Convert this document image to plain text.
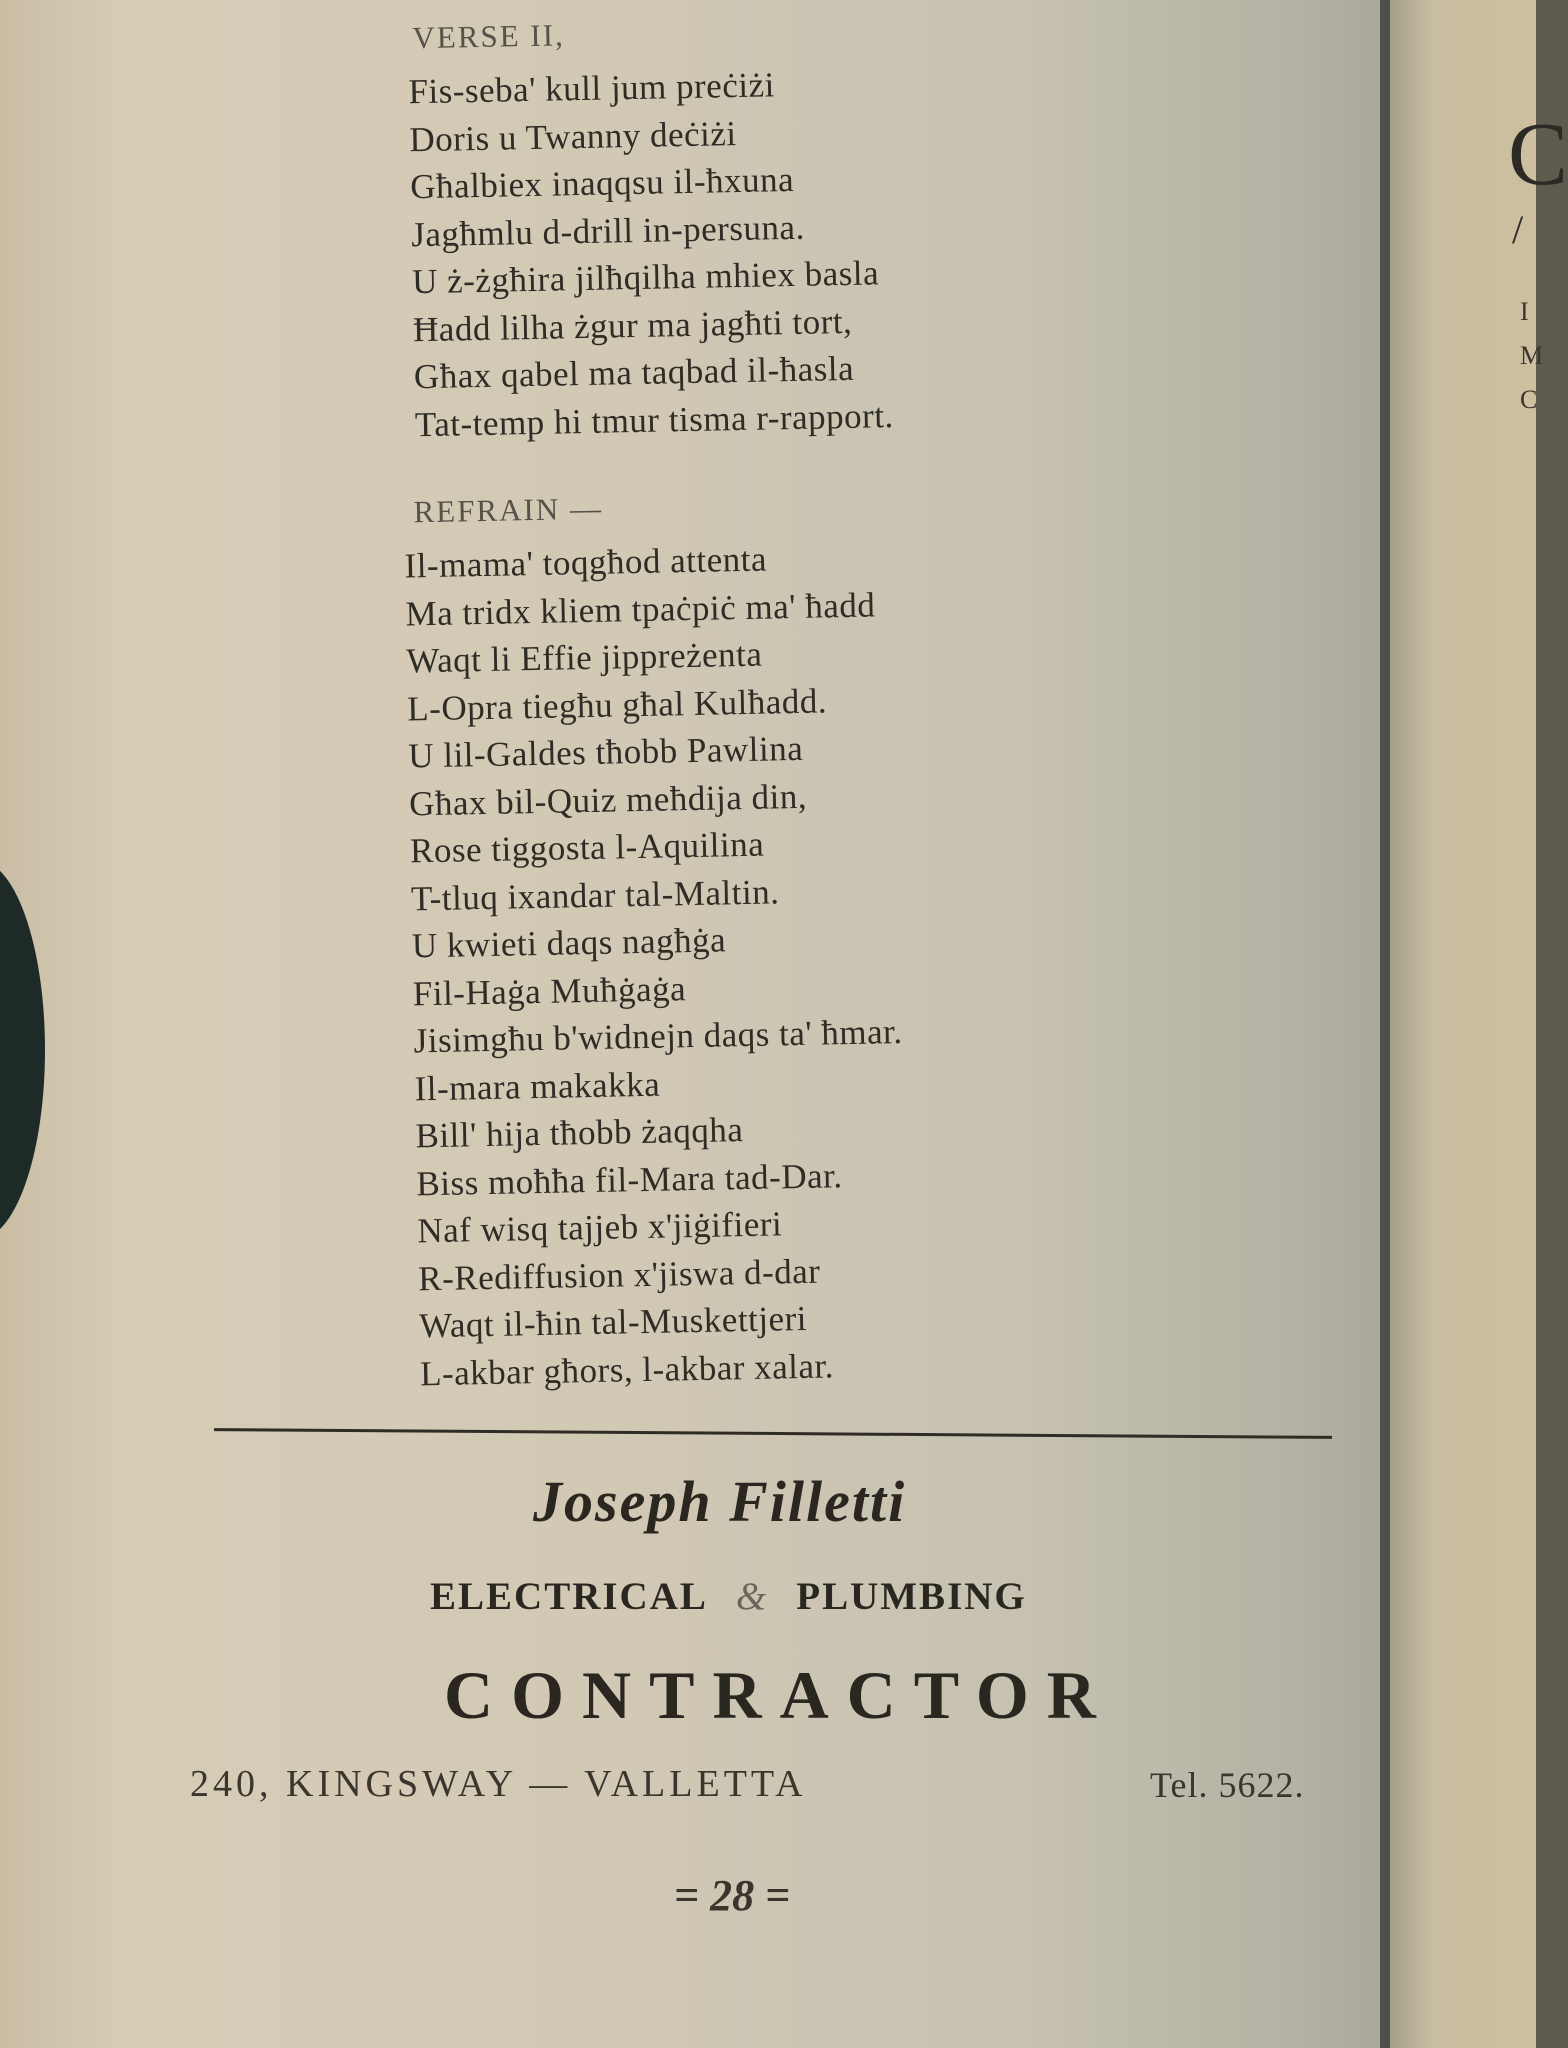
VERSE II,
Fis-seba' kull jum preċiżi
Doris u Twanny deċiżi
Għalbiex inaqqsu il-ħxuna
Jagħmlu d-drill in-persuna.
U ż-żgħira jilħqilha mhiex basla
Ħadd lilha żgur ma jagħti tort,
Għax qabel ma taqbad il-ħasla
Tat-temp hi tmur tisma r-rapport.
REFRAIN —
Il-mama' toqgħod attenta
Ma tridx kliem tpaċpiċ ma' ħadd
Waqt li Effie jippreżenta
L-Opra tiegħu għal Kulħadd.
U lil-Galdes tħobb Pawlina
Għax bil-Quiz meħdija din,
Rose tiggosta l-Aquilina
T-tluq ixandar tal-Maltin.
U kwieti daqs nagħġa
Fil-Haġa Muħġaġa
Jisimgħu b'widnejn daqs ta' ħmar.
Il-mara makakka
Bill' hija tħobb żaqqha
Biss moħħa fil-Mara tad-Dar.
Naf wisq tajjeb x'jiġifieri
R-Rediffusion x'jiswa d-dar
Waqt il-ħin tal-Muskettjeri
L-akbar għors, l-akbar xalar.
Joseph Filletti
ELECTRICAL & PLUMBING
CONTRACTOR
240, KINGSWAY — VALLETTA	Tel. 5622.
= 28 =
C
/
I
M
C
